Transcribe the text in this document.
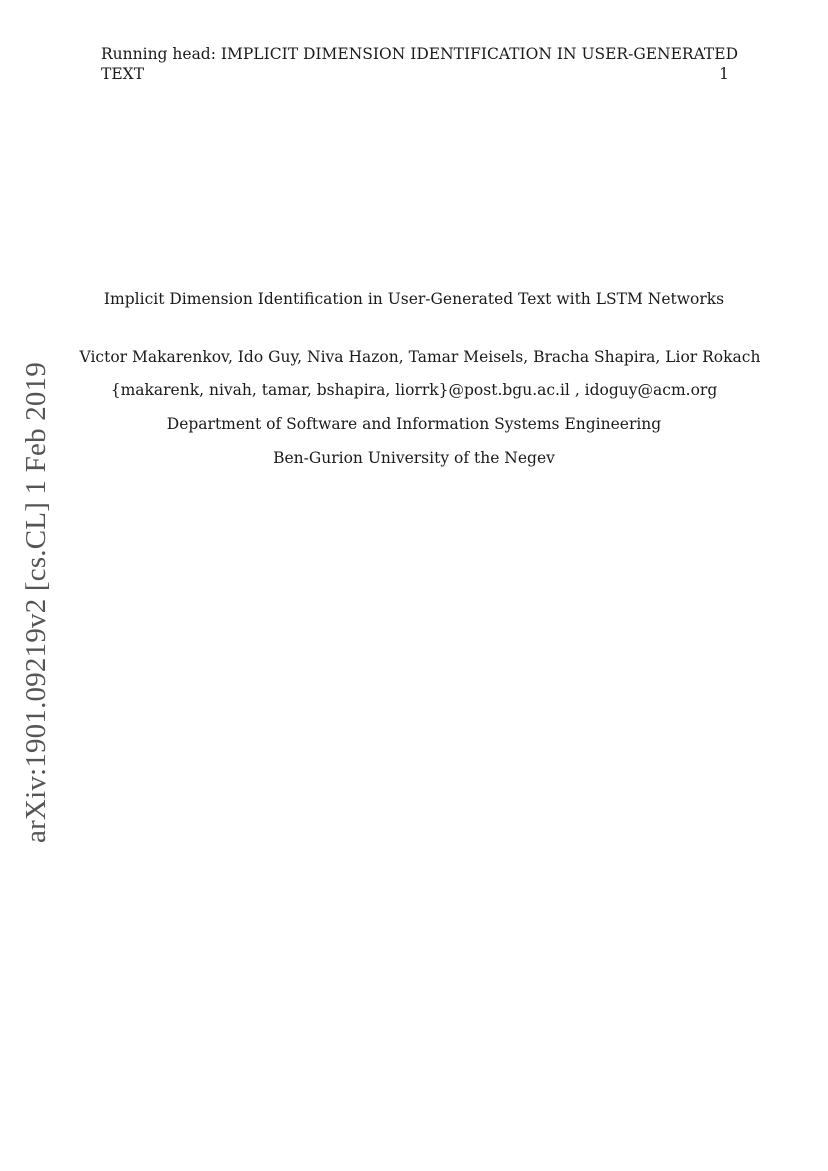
Running head: IMPLICIT DIMENSION IDENTIFICATION IN USER-GENERATED
TEXT	1
Implicit Dimension Identification in User-Generated Text with LSTM Networks
Victor Makarenkov, Ido Guy, Niva Hazon, Tamar Meisels, Bracha Shapira, Lior Rokach
{makarenk, nivah, tamar, bshapira, liorrk}@post.bgu.ac.il , idoguy@acm.org
Department of Software and Information Systems Engineering
Ben-Gurion University of the Negev
arXiv:1901.09219v2 [cs.CL] 1 Feb 2019
